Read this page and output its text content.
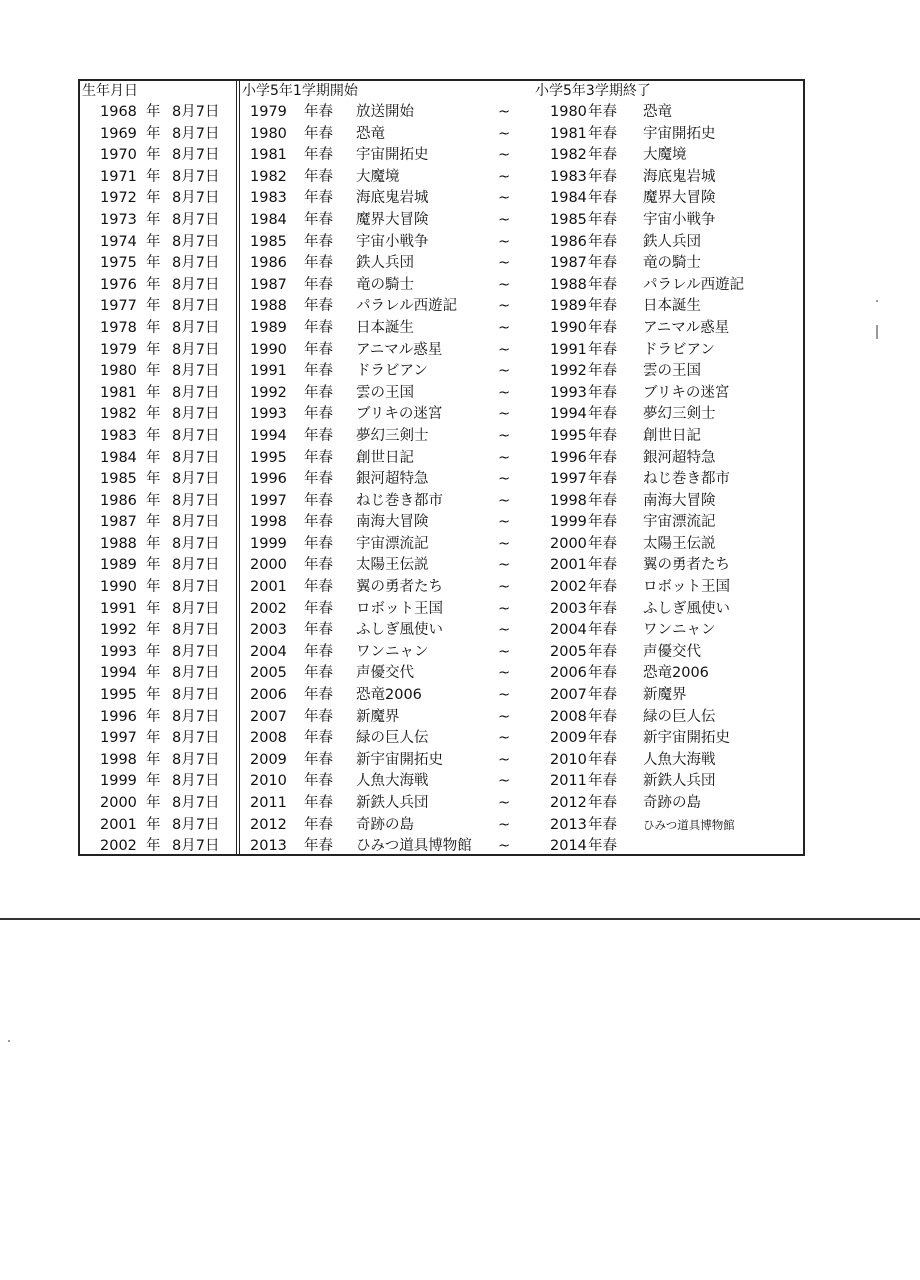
生年月日	小学5年1学期開始	小学5年3学期終了
1968 年 8月7日 1979 年春 放送開始	~	1980 年春 恐竜
1969 年 8月7日 1980 年春 恐竜	~	1981 年春 宇宙開拓史
1970 年 8月7日 1981 年春 宇宙開拓史	~	1982 年春 大魔境
1971 年 8月7日 1982 年春 大魔境	~	1983 年春 海底鬼岩城
1972 年 8月7日 1983 年春 海底鬼岩城	~	1984 年春 魔界大冒険
1973 年 8月7日 1984 年春 魔界大冒険	~	1985 年春 宇宙小戦争
1974 年 8月7日 1985 年春 宇宙小戦争	~	1986 年春 鉄人兵団
1975 年 8月7日 1986 年春 鉄人兵団	~	1987 年春 竜の騎士
1976 年 8月7日 1987 年春 竜の騎士	~	1988 年春 パラレル西遊記
1977 年 8月7日 1988 年春 パラレル西遊記	~	1989 年春 日本誕生
1978 年 8月7日 1989 年春 日本誕生	~	1990 年春 アニマル惑星
1979 年 8月7日 1990 年春 アニマル惑星	~	1991 年春 ドラビアン
1980 年 8月7日 1991 年春 ドラビアン	~	1992 年春 雲の王国
1981 年 8月7日 1992 年春 雲の王国	~	1993 年春 ブリキの迷宮
1982 年 8月7日 1993 年春 ブリキの迷宮	~	1994 年春 夢幻三剣士
1983 年 8月7日 1994 年春 夢幻三剣士	~	1995 年春 創世日記
1984 年 8月7日 1995 年春 創世日記	~	1996 年春 銀河超特急
1985 年 8月7日 1996 年春 銀河超特急	~	1997 年春 ねじ巻き都市
1986 年 8月7日 1997 年春 ねじ巻き都市	~	1998 年春 南海大冒険
1987 年 8月7日 1998 年春 南海大冒険	~	1999 年春 宇宙漂流記
1988 年 8月7日 1999 年春 宇宙漂流記	~	2000 年春 太陽王伝説
1989 年 8月7日 2000 年春 太陽王伝説	~	2001 年春 翼の勇者たち
1990 年 8月7日 2001 年春 翼の勇者たち	~	2002 年春 ロボット王国
1991 年 8月7日 2002 年春 ロボット王国	~	2003 年春 ふしぎ風使い
1992 年 8月7日 2003 年春 ふしぎ風使い	~	2004 年春 ワンニャン
1993 年 8月7日 2004 年春 ワンニャン	~	2005 年春 声優交代
1994 年 8月7日 2005 年春 声優交代	~	2006 年春 恐竜2006
1995 年 8月7日 2006 年春 恐竜2006	~	2007 年春 新魔界
1996 年 8月7日 2007 年春 新魔界	~	2008 年春 緑の巨人伝
1997 年 8月7日 2008 年春 緑の巨人伝	~	2009 年春 新宇宙開拓史
1998 年 8月7日 2009 年春 新宇宙開拓史	~	2010 年春 人魚大海戦
1999 年 8月7日 2010 年春 人魚大海戦	~	2011 年春 新鉄人兵団
2000 年 8月7日 2011 年春 新鉄人兵団	~	2012 年春 奇跡の島
2001 年 8月7日 2012 年春 奇跡の島	~	2013 年春 ひみつ道具博物館
2002 年 8月7日 2013 年春 ひみつ道具博物館 ~	2014 年春
